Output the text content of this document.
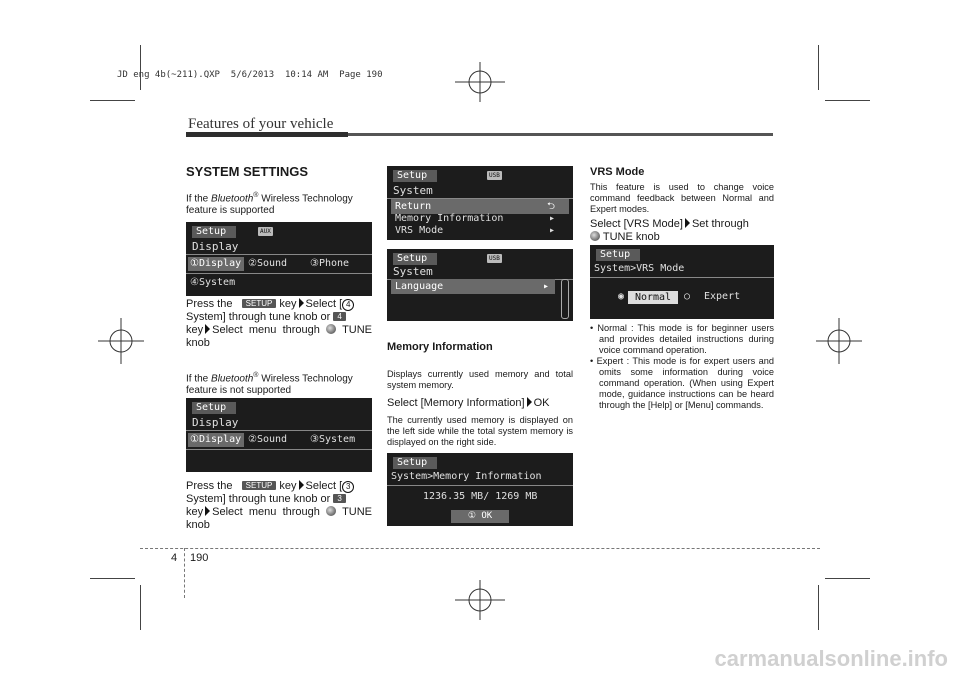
JD eng 4b(~211).QXP  5/6/2013  10:14 AM  Page 190
Features of your vehicle
SYSTEM SETTINGS

If the Bluetooth® Wireless Technology feature is supported

Setup	AUX
Display
①Display ②Sound ③Phone
④System
Press the SETUP key Select [ 4
System] through tune knob or 4
key Select menu through TUNE knob
If the Bluetooth® Wireless Technology feature is not supported
Setup
Display
①Display ②Sound ③System
Press the SETUP key Select [ 3
System] through tune knob or 3
key Select menu through TUNE knob
Setup	USB
System
Return	⮌
Memory Information	▸
VRS Mode	▸
Setup	USB
System
Language	▸
Memory Information

Displays currently used memory and total system memory.

Select [Memory Information] OK

The currently used memory is displayed on the left side while the total system memory is displayed on the right side.

Setup
System>Memory Information
1236.35 MB/ 1269 MB
① OK
VRS Mode

This feature is used to change voice command feedback between Normal and Expert modes.

Select [VRS Mode] Set through
TUNE knob

Setup
System>VRS Mode
◉	Normal	○ Expert

• Normal : This mode is for beginner users and provides detailed instructions during voice command operation.

• Expert : This mode is for expert users and omits some information during voice command operation. (When using Expert mode, guidance instructions can be heard through the [Help] or [Menu] commands.

4 190
carmanualsonline.info
